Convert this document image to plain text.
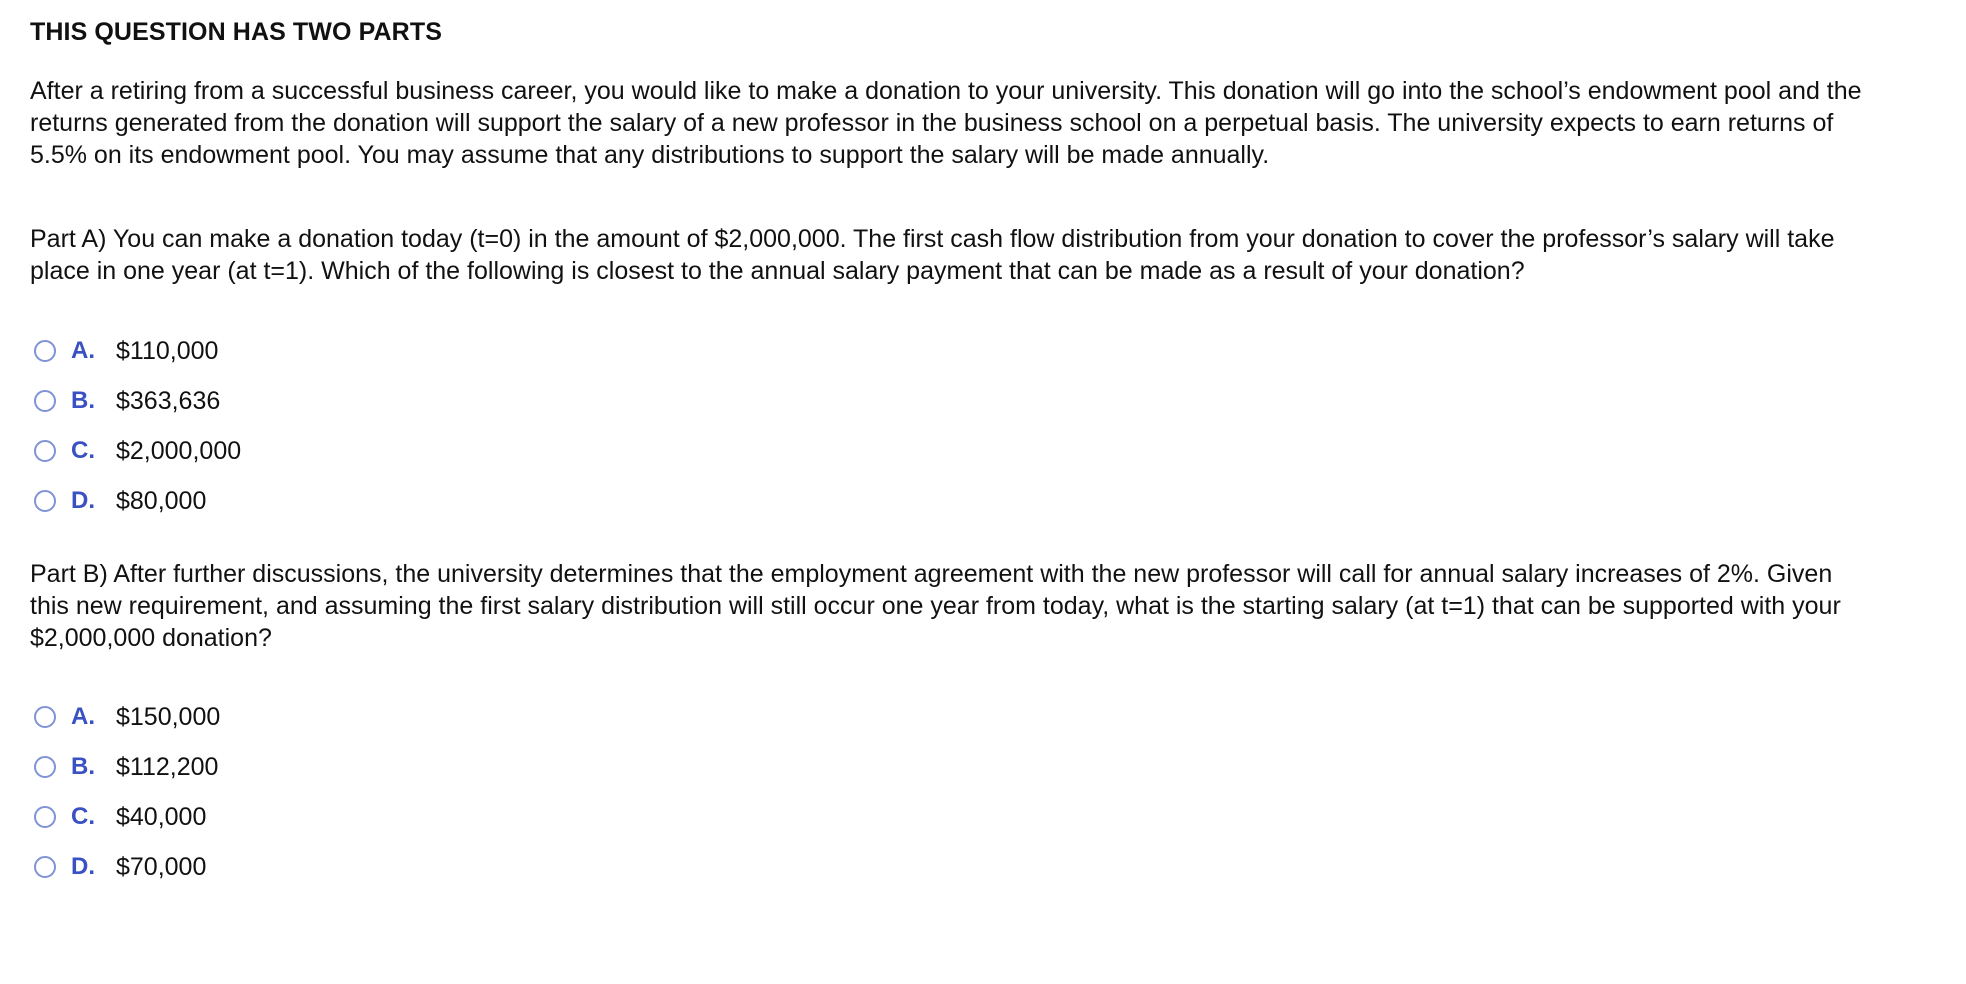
THIS QUESTION HAS TWO PARTS
After a retiring from a successful business career, you would like to make a donation to your university. This donation will go into the school’s endowment pool and the
returns generated from the donation will support the salary of a new professor in the business school on a perpetual basis. The university expects to earn returns of
5.5% on its endowment pool. You may assume that any distributions to support the salary will be made annually.
Part A) You can make a donation today (t=0) in the amount of $2,000,000. The first cash flow distribution from your donation to cover the professor’s salary will take
place in one year (at t=1). Which of the following is closest to the annual salary payment that can be made as a result of your donation?
A. $110,000
B. $363,636
C. $2,000,000
D. $80,000
Part B) After further discussions, the university determines that the employment agreement with the new professor will call for annual salary increases of 2%. Given
this new requirement, and assuming the first salary distribution will still occur one year from today, what is the starting salary (at t=1) that can be supported with your
$2,000,000 donation?
A. $150,000
B. $112,200
C. $40,000
D. $70,000
